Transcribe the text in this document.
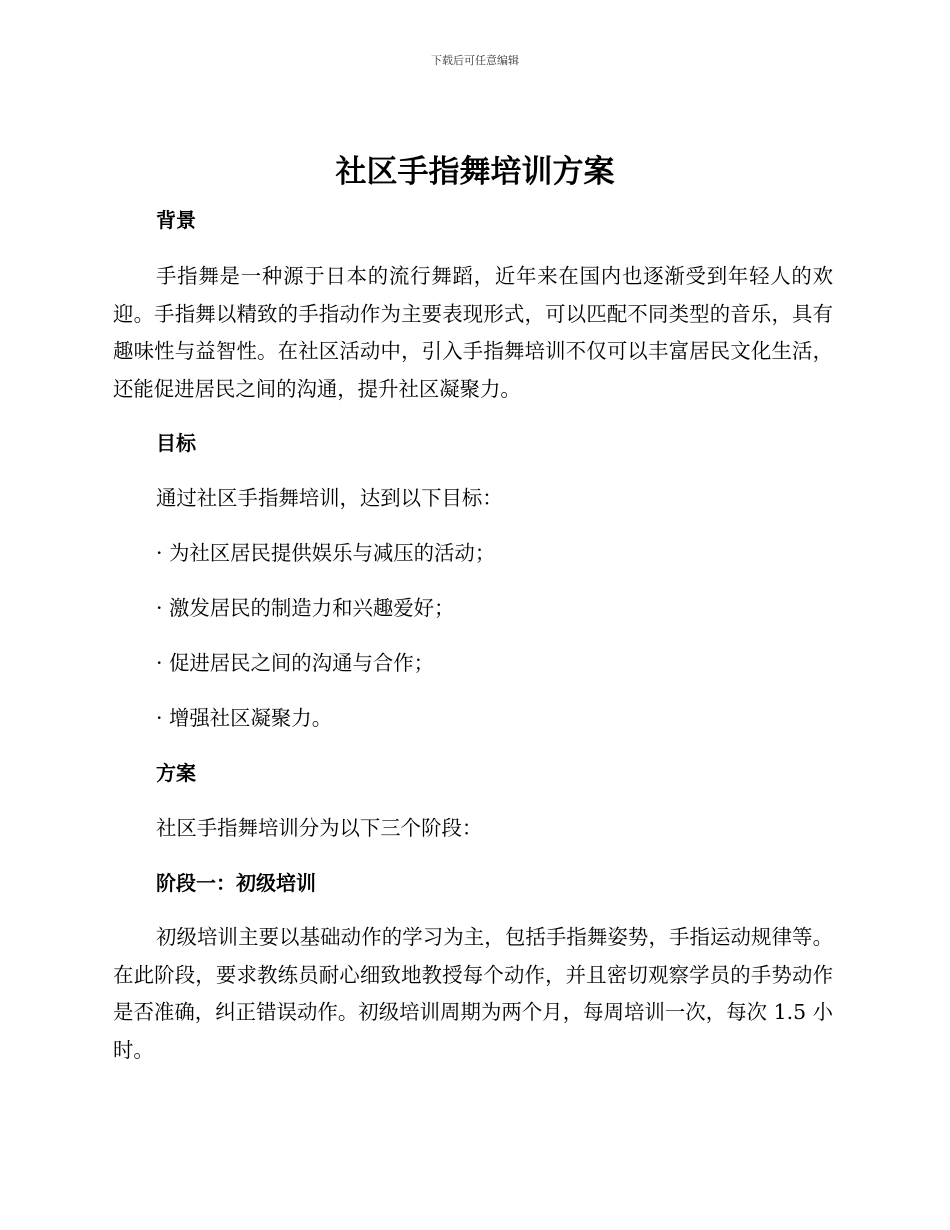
下载后可任意编辑
社区手指舞培训方案
背景

手指舞是一种源于日本的流行舞蹈，近年来在国内也逐渐受到年轻人的欢迎。手指舞以精致的手指动作为主要表现形式，可以匹配不同类型的音乐，具有趣味性与益智性。在社区活动中，引入手指舞培训不仅可以丰富居民文化生活，还能促进居民之间的沟通，提升社区凝聚力。

目标
通过社区手指舞培训，达到以下目标：
· 为社区居民提供娱乐与减压的活动；
· 激发居民的制造力和兴趣爱好；
· 促进居民之间的沟通与合作；
· 增强社区凝聚力。
方案
社区手指舞培训分为以下三个阶段：
阶段一：初级培训

初级培训主要以基础动作的学习为主，包括手指舞姿势，手指运动规律等。在此阶段，要求教练员耐心细致地教授每个动作，并且密切观察学员的手势动作是否准确，纠正错误动作。初级培训周期为两个月，每周培训一次，每次 1.5 小时。
